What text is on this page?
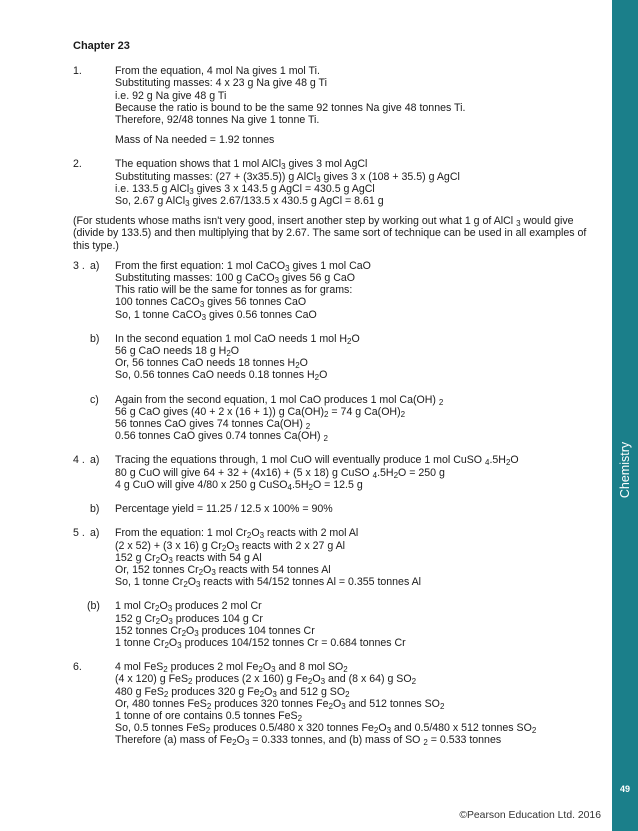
Chemistry
49
©Pearson Education Ltd. 2016
Chapter 23
1.	From the equation, 4 mol Na gives 1 mol Ti.
Substituting masses: 4 x 23 g Na give 48 g Ti
i.e. 92 g Na give 48 g Ti
Because the ratio is bound to be the same 92 tonnes Na give 48 tonnes Ti.
Therefore, 92/48 tonnes Na give 1 tonne Ti.
Mass of Na needed = 1.92 tonnes
2.	The equation shows that 1 mol AlCl$_3$ gives 3 mol AgCl
Substituting masses: (27 + (3x35.5)) g AlCl$_3$ gives 3 x (108 + 35.5) g AgCl
i.e. 133.5 g AlCl$_3$ gives 3 x 143.5 g AgCl = 430.5 g AgCl
So, 2.67 g AlCl$_3$ gives 2.67/133.5 x 430.5 g AgCl = 8.61 g
(For students whose maths isn't very good, insert another step by working out what 1 g of AlCl $_3$ would give (divide by 133.5) and then multiplying that by 2.67. The same sort of technique can be used in all examples of this type.)
3 . a) From the first equation: 1 mol CaCO$_3$ gives 1 mol CaO
Substituting masses: 100 g CaCO$_3$ gives 56 g CaO
This ratio will be the same for tonnes as for grams:
100 tonnes CaCO$_3$ gives 56 tonnes CaO
So, 1 tonne CaCO$_3$ gives 0.56 tonnes CaO
b) In the second equation 1 mol CaO needs 1 mol $H_2O$
56 g CaO needs 18 g $H_2O$
Or, 56 tonnes CaO needs 18 tonnes $H_2O$
So, 0.56 tonnes CaO needs 0.18 tonnes $H_2O$
c) Again from the second equation, 1 mol CaO produces 1 mol Ca(OH) $_2$
56 g CaO gives (40 + 2 x (16 + 1)) g $Ca(OH)_2 = 74$ g $Ca(OH)_2$
56 tonnes CaO gives 74 tonnes Ca(OH) $_2$
0.56 tonnes CaO gives 0.74 tonnes Ca(OH) $_2$
4 . a) Tracing the equations through, 1 mol CuO will eventually produce 1 mol CuSO $_4.5H_2O$
80 g CuO will give 64 + 32 + (4x16) + (5 x 18) g CuSO $_4.5H_2O = 250$ g
4 g CuO will give 4/80 x 250 g $CuSO_4.5H_2O = 12.5$ g
b) Percentage yield = 11.25 / 12.5 x 100% = 90%
5 . a) From the equation: 1 mol $Cr_2O_3$ reacts with 2 mol Al
(2 x 52) + (3 x 16) g $Cr_2O_3$ reacts with 2 x 27 g Al
152 g $Cr_2O_3$ reacts with 54 g Al
Or, 152 tonnes $Cr_2O_3$ reacts with 54 tonnes Al
So, 1 tonne $Cr_2O_3$ reacts with 54/152 tonnes Al = 0.355 tonnes Al
(b) 1 mol $Cr_2O_3$ produces 2 mol Cr
152 g $Cr_2O_3$ produces 104 g Cr
152 tonnes $Cr_2O_3$ produces 104 tonnes Cr
1 tonne $Cr_2O_3$ produces 104/152 tonnes Cr = 0.684 tonnes Cr
6.	4 mol FeS$_2$ produces 2 mol $Fe_2O_3$ and 8 mol $SO_2$
(4 x 120) g FeS$_2$ produces (2 x 160) g $Fe_2O_3$ and (8 x 64) g $SO_2$
480 g FeS$_2$ produces 320 g $Fe_2O_3$ and 512 g $SO_2$
Or, 480 tonnes FeS$_2$ produces 320 tonnes $Fe_2O_3$ and 512 tonnes $SO_2$
1 tonne of ore contains 0.5 tonnes FeS$_2$
So, 0.5 tonnes FeS$_2$ produces 0.5/480 x 320 tonnes $Fe_2O_3$ and 0.5/480 x 512 tonnes $SO_2$
Therefore (a) mass of $Fe_2O_3 = 0.333$ tonnes, and (b) mass of SO $_2$ = 0.533 tonnes
